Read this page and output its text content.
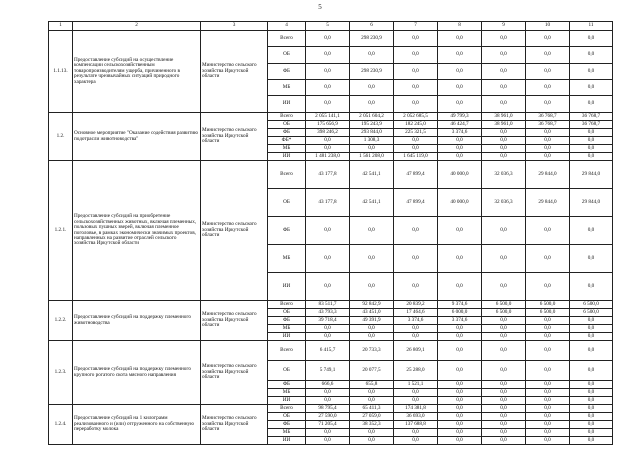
5
1	2	3	4	5	6	7	8	9	10	11
1.1.13.	Предоставление субсидий на осуществление компенсации сельскохозяйственным товаропроизводителям ущерба, причиненного в результате чрезвычайных ситуаций природного характера	Министерство сельского хозяйства Иркутской области	Всего	0,0	298 230,9	0,0	0,0	0,0	0,0	0,0
			ОБ	0,0	0,0	0,0	0,0	0,0	0,0	0,0
			ФБ	0,0	298 230,9	0,0	0,0	0,0	0,0	0,0
			МБ	0,0	0,0	0,0	0,0	0,0	0,0	0,0
			ИИ	0,0	0,0	0,0	0,0	0,0	0,0	0,0
1.2.	Основное мероприятие "Оказание содействия развитию подотрасли животноводства"	Министерство сельского хозяйства Иркутской области	Всего	2 055 141,1	2 051 604,2	2 052 685,5	49 799,3	38 961,0	36 768,7	36 768,7
			ОБ	175 656,9	195 243,9	182 245,0	46 424,7	38 961,0	36 768,7	36 768,7
			ФБ	398 246,2	293 844,0	225 321,5	3 374,6	0,0	0,0	0,0
			ФБ*	0,0	1 308,3	0,0	0,0	0,0	0,0	0,0
			МБ	0,0	0,0	0,0	0,0	0,0	0,0	0,0
			ИИ	1 481 238,0	1 561 208,0	1 645 119,0	0,0	0,0	0,0	0,0
1.2.1.	Предоставление субсидий на приобретение сельскохозяйственных животных, включая племенных, пользовых пушных зверей, включая племенное поголовье, в рамках экономически значимых проектов, направленных на развитие отраслей сельского хозяйства Иркутской области	Министерство сельского хозяйства Иркутской области	Всего	43 177,8	42 541,1	47 899,4	40 000,0	32 036,3	29 844,0	29 844,0
			ОБ	43 177,8	42 541,1	47 899,4	40 000,0	32 036,3	29 844,0	29 844,0
			ФБ	0,0	0,0	0,0	0,0	0,0	0,0	0,0
			МБ	0,0	0,0	0,0	0,0	0,0	0,0	0,0
			ИИ	0,0	0,0	0,0	0,0	0,0	0,0	0,0
1.2.2.	Предоставление субсидий на поддержку племенного животноводства	Министерство сельского хозяйства Иркутской области	Всего	83 511,7	92 842,9	20 839,2	9 374,6	6 500,0	6 500,0	6 500,0
			ОБ	43 793,3	43 451,0	17 464,6	6 000,0	6 500,0	6 500,0	6 500,0
			ФБ	39 718,4	49 391,9	3 374,6	3 374,6	0,0	0,0	0,0
			МБ	0,0	0,0	0,0	0,0	0,0	0,0	0,0
			ИИ	0,0	0,0	0,0	0,0	0,0	0,0	0,0
1.2.3.	Предоставление субсидий на поддержку племенного крупного рогатого скота мясного направления	Министерство сельского хозяйства Иркутской области	Всего	6 415,7	20 733,3	26 809,1	0,0	0,0	0,0	0,0
			ОБ	5 749,1	20 077,5	25 288,0	0,0	0,0	0,0	0,0
			ФБ	666,6	655,8	1 521,1	0,0	0,0	0,0	0,0
			МБ	0,0	0,0	0,0	0,0	0,0	0,0	0,0
			ИИ	0,0	0,0	0,0	0,0	0,0	0,0	0,0
1.2.4.	Предоставление субсидий на 1 килограмм реализованного и (или) отгруженного на собственную переработку молока	Министерство сельского хозяйства Иркутской области	Всего	98 795,4	65 411,3	174 381,8	0,0	0,0	0,0	0,0
			ОБ	27 590,0	27 059,0	36 693,0	0,0	0,0	0,0	0,0
			ФБ	71 205,4	38 352,3	137 688,8	0,0	0,0	0,0	0,0
			МБ	0,0	0,0	0,0	0,0	0,0	0,0	0,0
			ИИ	0,0	0,0	0,0	0,0	0,0	0,0	0,0
